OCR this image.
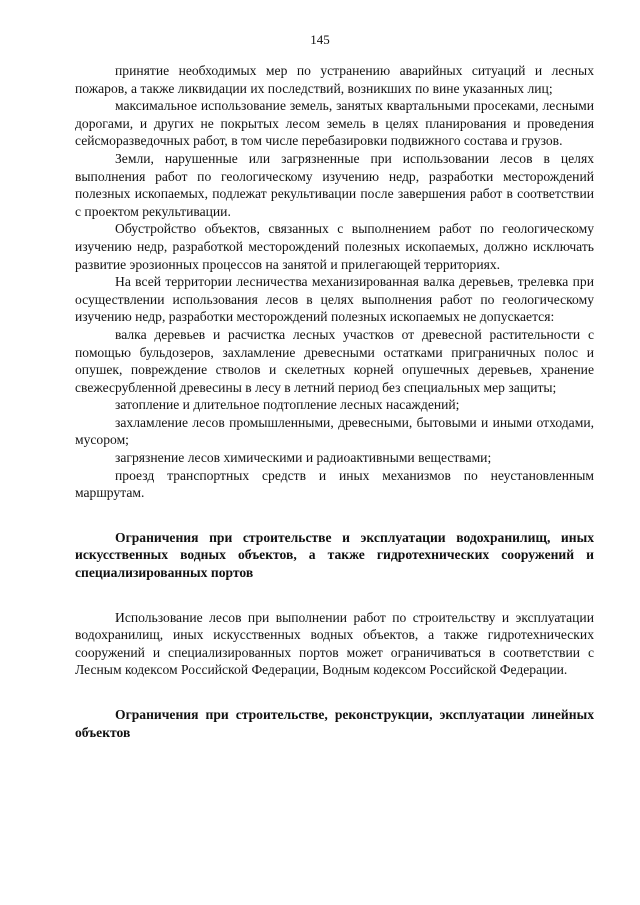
145

принятие необходимых мер по устранению аварийных ситуаций и лесных пожаров, а также ликвидации их последствий, возникших по вине указанных лиц;

максимальное использование земель, занятых квартальными просеками, лесными дорогами, и других не покрытых лесом земель в целях планирования и проведения сейсморазведочных работ, в том числе перебазировки подвижного состава и грузов.

Земли, нарушенные или загрязненные при использовании лесов в целях выполнения работ по геологическому изучению недр, разработки месторождений полезных ископаемых, подлежат рекультивации после завершения работ в соответствии с проектом рекультивации.

Обустройство объектов, связанных с выполнением работ по геологическому изучению недр, разработкой месторождений полезных ископаемых, должно исключать развитие эрозионных процессов на занятой и прилегающей территориях.

На всей территории лесничества механизированная валка деревьев, трелевка при осуществлении использования лесов в целях выполнения работ по геологическому изучению недр, разработки месторождений полезных ископаемых не допускается:

валка деревьев и расчистка лесных участков от древесной растительности с помощью бульдозеров, захламление древесными остатками приграничных полос и опушек, повреждение стволов и скелетных корней опушечных деревьев, хранение свежесрубленной древесины в лесу в летний период без специальных мер защиты;

затопление и длительное подтопление лесных насаждений;

захламление лесов промышленными, древесными, бытовыми и иными отходами, мусором;

загрязнение лесов химическими и радиоактивными веществами;

проезд транспортных средств и иных механизмов по неустановленным маршрутам.

Ограничения при строительстве и эксплуатации водохранилищ, иных искусственных водных объектов, а также гидротехнических сооружений и специализированных портов

Использование лесов при выполнении работ по строительству и эксплуатации водохранилищ, иных искусственных водных объектов, а также гидротехнических сооружений и специализированных портов может ограничиваться в соответствии с Лесным кодексом Российской Федерации, Водным кодексом Российской Федерации.

Ограничения при строительстве, реконструкции, эксплуатации линейных объектов
